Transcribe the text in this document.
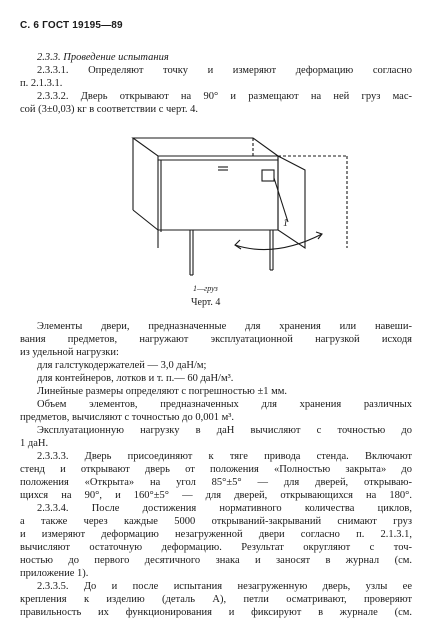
С. 6 ГОСТ 19195—89
2.3.3. Проведение испытания
2.3.3.1. Определяют точку и измеряют деформацию согласно
п. 2.1.3.1.
2.3.3.2. Дверь открывают на 90° и размещают на ней груз мас-
сой (3±0,03) кг в соответствии с черт. 4.
1
1—груз
Черт. 4
Элементы двери, предназначенные для хранения или навеши-
вания предметов, нагружают эксплуатационной нагрузкой исходя
из удельной нагрузки:
для галстукодержателей — 3,0 даН/м;
для контейнеров, лотков и т. п.— 60 даН/м³.
Линейные размеры определяют с погрешностью ±1 мм.
Объем элементов, предназначенных для хранения различных
предметов, вычисляют с точностью до 0,001 м³.
Эксплуатационную нагрузку в даН вычисляют с точностью до
1 даН.
2.3.3.3. Дверь присоединяют к тяге привода стенда. Включают
стенд и открывают дверь от положения «Полностью закрыта» до
положения «Открыта» на угол 85°±5° — для дверей, открываю-
щихся на 90°, и 160°±5° — для дверей, открывающихся на 180°.
2.3.3.4. После достижения нормативного количества циклов,
а также через каждые 5000 открываний-закрываний снимают груз
и измеряют деформацию незагруженной двери согласно п. 2.1.3.1,
вычисляют остаточную деформацию. Результат округляют с точ-
ностью до первого десятичного знака и заносят в журнал (см.
приложение 1).
2.3.3.5. До и после испытания незагруженную дверь, узлы ее
крепления к изделию (деталь А), петли осматривают, проверяют
правильность их функционирования и фиксируют в журнале (см.
